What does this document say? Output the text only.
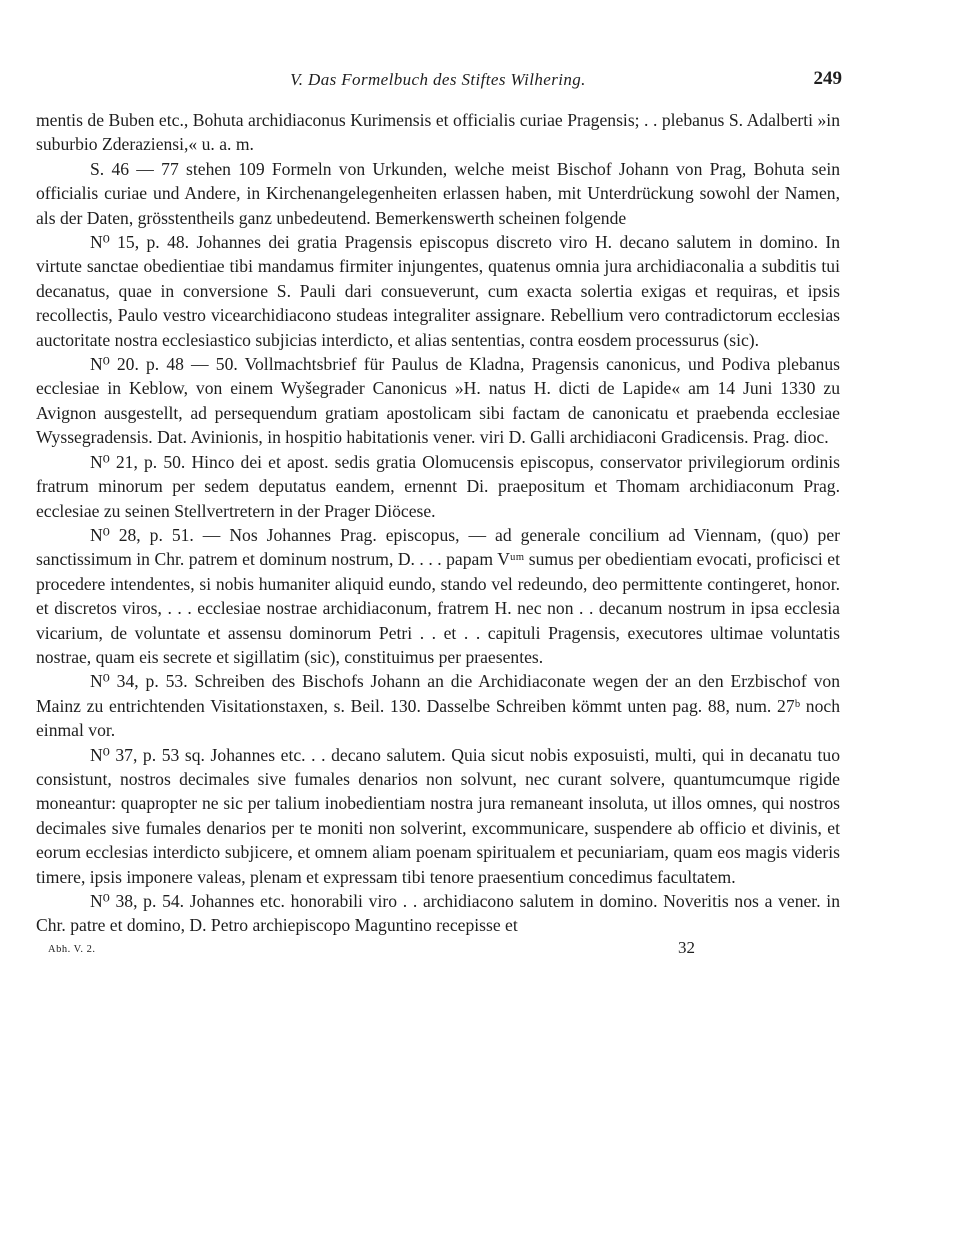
V. Das Formelbuch des Stiftes Wilhering.	249

mentis de Buben etc., Bohuta archidiaconus Kurimensis et officialis curiae Pragensis; . . plebanus S. Adalberti »in suburbio Zderaziensi,« u. a. m.

S. 46 — 77 stehen 109 Formeln von Urkunden, welche meist Bischof Johann von Prag, Bohuta sein officialis curiae und Andere, in Kirchenangelegenheiten erlassen haben, mit Unterdrückung sowohl der Namen, als der Daten, grösstentheils ganz unbedeutend. Bemerkenswerth scheinen folgende

N⁰ 15, p. 48. Johannes dei gratia Pragensis episcopus discreto viro H. decano salutem in domino. In virtute sanctae obedientiae tibi mandamus firmiter injungentes, quatenus omnia jura archidiaconalia a subditis tui decanatus, quae in conversione S. Pauli dari consueverunt, cum exacta solertia exigas et requiras, et ipsis recollectis, Paulo vestro vicearchidiacono studeas integraliter assignare. Rebellium vero contradictorum ecclesias auctoritate nostra ecclesiastico subjicias interdicto, et alias sententias, contra eosdem processurus (sic).

N⁰ 20. p. 48 — 50. Vollmachtsbrief für Paulus de Kladna, Pragensis canonicus, und Podiva plebanus ecclesiae in Keblow, von einem Wyšegrader Canonicus »H. natus H. dicti de Lapide« am 14 Juni 1330 zu Avignon ausgestellt, ad persequendum gratiam apostolicam sibi factam de canonicatu et praebenda ecclesiae Wyssegradensis. Dat. Avinionis, in hospitio habitationis vener. viri D. Galli archidiaconi Gradicensis. Prag. dioc.

N⁰ 21, p. 50. Hinco dei et apost. sedis gratia Olomucensis episcopus, conservator privilegiorum ordinis fratrum minorum per sedem deputatus eandem, ernennt Di. praepositum et Thomam archidiaconum Prag. ecclesiae zu seinen Stellvertretern in der Prager Diöcese.

N⁰ 28, p. 51. — Nos Johannes Prag. episcopus, — ad generale concilium ad Viennam, (quo) per sanctissimum in Chr. patrem et dominum nostrum, D. . . . papam Vᵘᵐ sumus per obedientiam evocati, proficisci et procedere intendentes, si nobis humaniter aliquid eundo, stando vel redeundo, deo permittente contingeret, honor. et discretos viros, . . . ecclesiae nostrae archidiaconum, fratrem H. nec non . . decanum nostrum in ipsa ecclesia vicarium, de voluntate et assensu dominorum Petri . . et . . capituli Pragensis, executores ultimae voluntatis nostrae, quam eis secrete et sigillatim (sic), constituimus per praesentes.

N⁰ 34, p. 53. Schreiben des Bischofs Johann an die Archidiaconate wegen der an den Erzbischof von Mainz zu entrichtenden Visitationstaxen, s. Beil. 130. Dasselbe Schreiben kömmt unten pag. 88, num. 27ᵇ noch einmal vor.

N⁰ 37, p. 53 sq. Johannes etc. . . decano salutem. Quia sicut nobis exposuisti, multi, qui in decanatu tuo consistunt, nostros decimales sive fumales denarios non solvunt, nec curant solvere, quantumcumque rigide moneantur: quapropter ne sic per talium inobedientiam nostra jura remaneant insoluta, ut illos omnes, qui nostros decimales sive fumales denarios per te moniti non solverint, excommunicare, suspendere ab officio et divinis, et eorum ecclesias interdicto subjicere, et omnem aliam poenam spiritualem et pecuniariam, quam eos magis videris timere, ipsis imponere valeas, plenam et expressam tibi tenore praesentium concedimus facultatem.

N⁰ 38, p. 54. Johannes etc. honorabili viro . . archidiacono salutem in domino. Noveritis nos a vener. in Chr. patre et domino, D. Petro archiepiscopo Maguntino recepisse et

Abh. V. 2.	32
